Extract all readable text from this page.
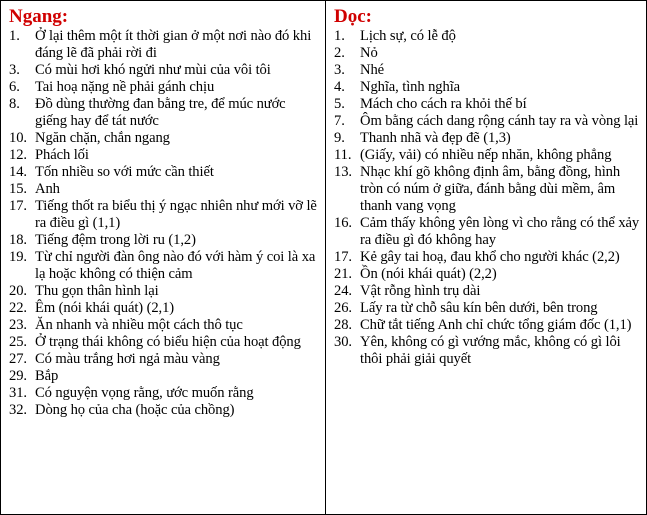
Ngang:
1.	Ở lại thêm một ít thời gian ở một nơi nào đó khi đáng lẽ đã phải rời đi
3.	Có mùi hơi khó ngửi như mùi của vôi tôi
6.	Tai hoạ nặng nề phải gánh chịu
8.	Đồ dùng thường đan bằng tre, để múc nước giếng hay để tát nước
10. Ngăn chặn, chắn ngang
12. Phách lối
14. Tốn nhiều so với mức cần thiết
15. Anh
17. Tiếng thốt ra biểu thị ý ngạc nhiên như mới vỡ lẽ ra điều gì (1,1)
18. Tiếng đệm trong lời ru (1,2)
19. Từ chỉ người đàn ông nào đó với hàm ý coi là xa lạ hoặc không có thiện cảm
20. Thu gọn thân hình lại
22. Êm (nói khái quát) (2,1)
23. Ăn nhanh và nhiều một cách thô tục
25. Ở trạng thái không có biểu hiện của hoạt động
27. Có màu trắng hơi ngả màu vàng
29. Bắp
31. Có nguyện vọng rằng, ước muốn rằng
32. Dòng họ của cha (hoặc của chồng)
Dọc:
1.	Lịch sự, có lễ độ
2.	Nỏ
3.	Nhé
4.	Nghĩa, tình nghĩa
5.	Mách cho cách ra khỏi thế bí
7.	Ôm bằng cách dang rộng cánh tay ra và vòng lại
9.	Thanh nhã và đẹp đẽ (1,3)
11. (Giấy, vải) có nhiều nếp nhăn, không phẳng
13. Nhạc khí gõ không định âm, bằng đồng, hình tròn có núm ở giữa, đánh bằng dùi mềm, âm thanh vang vọng
16. Cảm thấy không yên lòng vì cho rằng có thể xảy ra điều gì đó không hay
17. Kẻ gây tai hoạ, đau khổ cho người khác (2,2)
21. Ồn (nói khái quát) (2,2)
24. Vật rỗng hình trụ dài
26. Lấy ra từ chỗ sâu kín bên dưới, bên trong
28. Chữ tắt tiếng Anh chỉ chức tổng giám đốc (1,1)
30. Yên, không có gì vướng mắc, không có gì lôi thôi phải giải quyết
